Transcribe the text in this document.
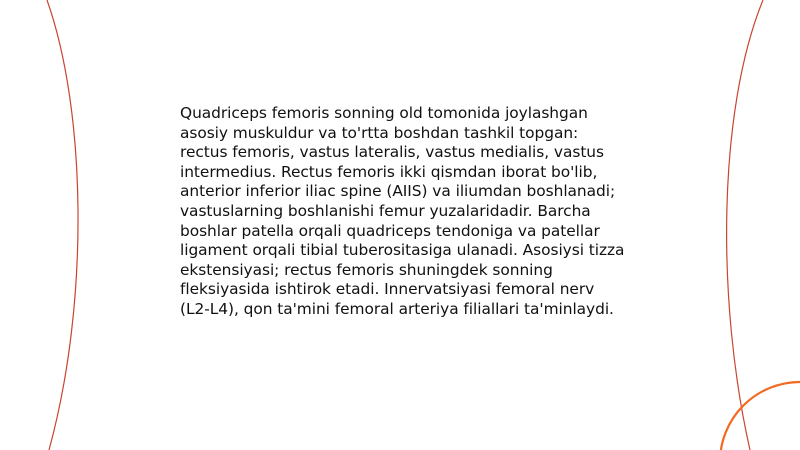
Quadriceps femoris sonning old tomonida joylashgan asosiy muskuldur va to'rtta boshdan tashkil topgan: rectus femoris, vastus lateralis, vastus medialis, vastus intermedius. Rectus femoris ikki qismdan iborat bo'lib, anterior inferior iliac spine (AIIS) va iliumdan boshlanadi; vastuslarning boshlanishi femur yuzalaridadir. Barcha boshlar patella orqali quadriceps tendoniga va patellar ligament orqali tibial tuberositasiga ulanadi. Asosiysi tizza ekstensiyasi; rectus femoris shuningdek sonning fleksiyasida ishtirok etadi. Innervatsiyasi femoral nerv (L2-L4), qon ta'mini femoral arteriya filiallari ta'minlaydi.
